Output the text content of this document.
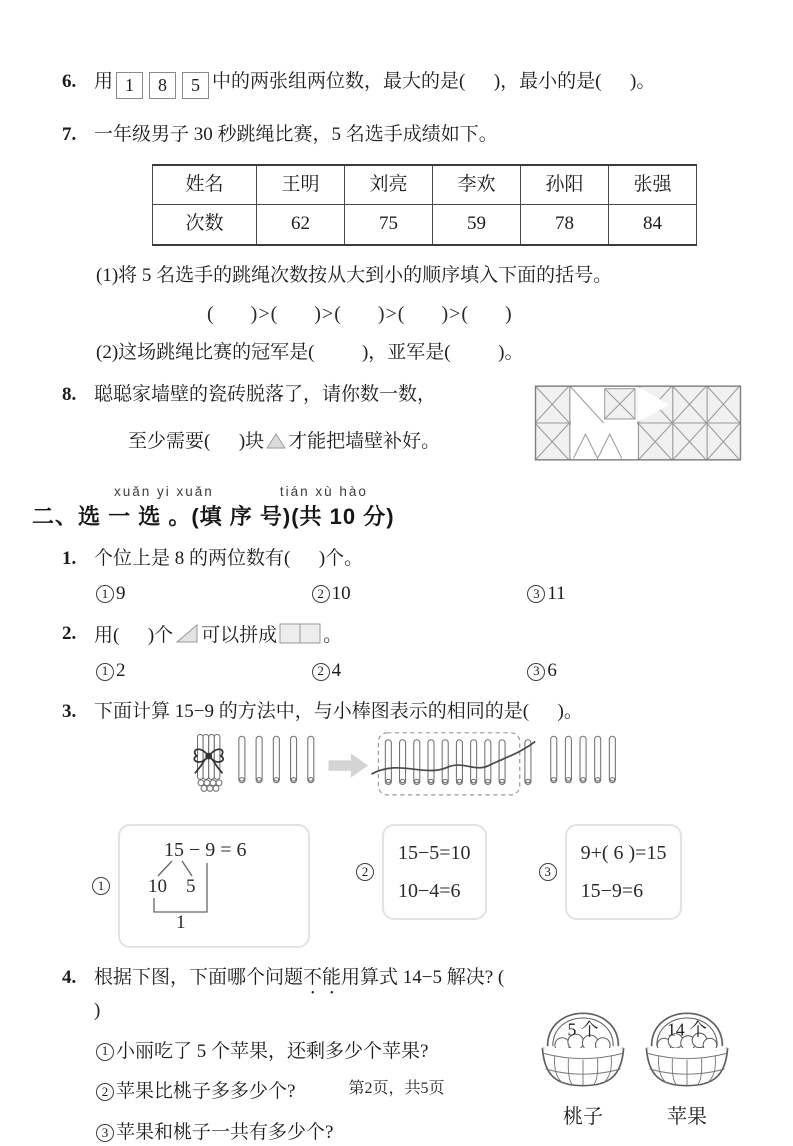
6. 用 1 8 5 中的两张组两位数，最大的是(      )，最小的是(      )。
7. 一年级男子 30 秒跳绳比赛，5 名选手成绩如下。
姓名	王明	刘亮	李欢	孙阳	张强
次数	62	75	59	78	84
(1)将 5 名选手的跳绳次数按从大到小的顺序填入下面的括号。
(      )>(      )>(      )>(      )>(      )
(2)这场跳绳比赛的冠军是(          )，亚军是(          )。
8. 聪聪家墙壁的瓷砖脱落了，请你数一数，
至少需要(      )块 才能把墙壁补好。
xuǎn yi xuǎn	tián xù hào
二、选 一 选 。(填 序 号)(共 10 分)
1. 个位上是 8 的两位数有(      )个。
1 9	2 10	3 11
2. 用(      )个 可以拼成 。
1 2	2 4	3 6
3. 下面计算 15−9 的方法中，与小棒图表示的相同的是(      )。
1
15 − 9 = 6
10 5
1
2
15−5=10
10−4=6
3
9+( 6 )=15
15−9=6
4. 根据下图，下面哪个问题不能用算式 14−5 解决? (      )
1 小丽吃了 5 个苹果，还剩多少个苹果?
2 苹果比桃子多多少个?
3 苹果和桃子一共有多少个?
5 个
桃子
14 个
苹果
第2页，共5页
